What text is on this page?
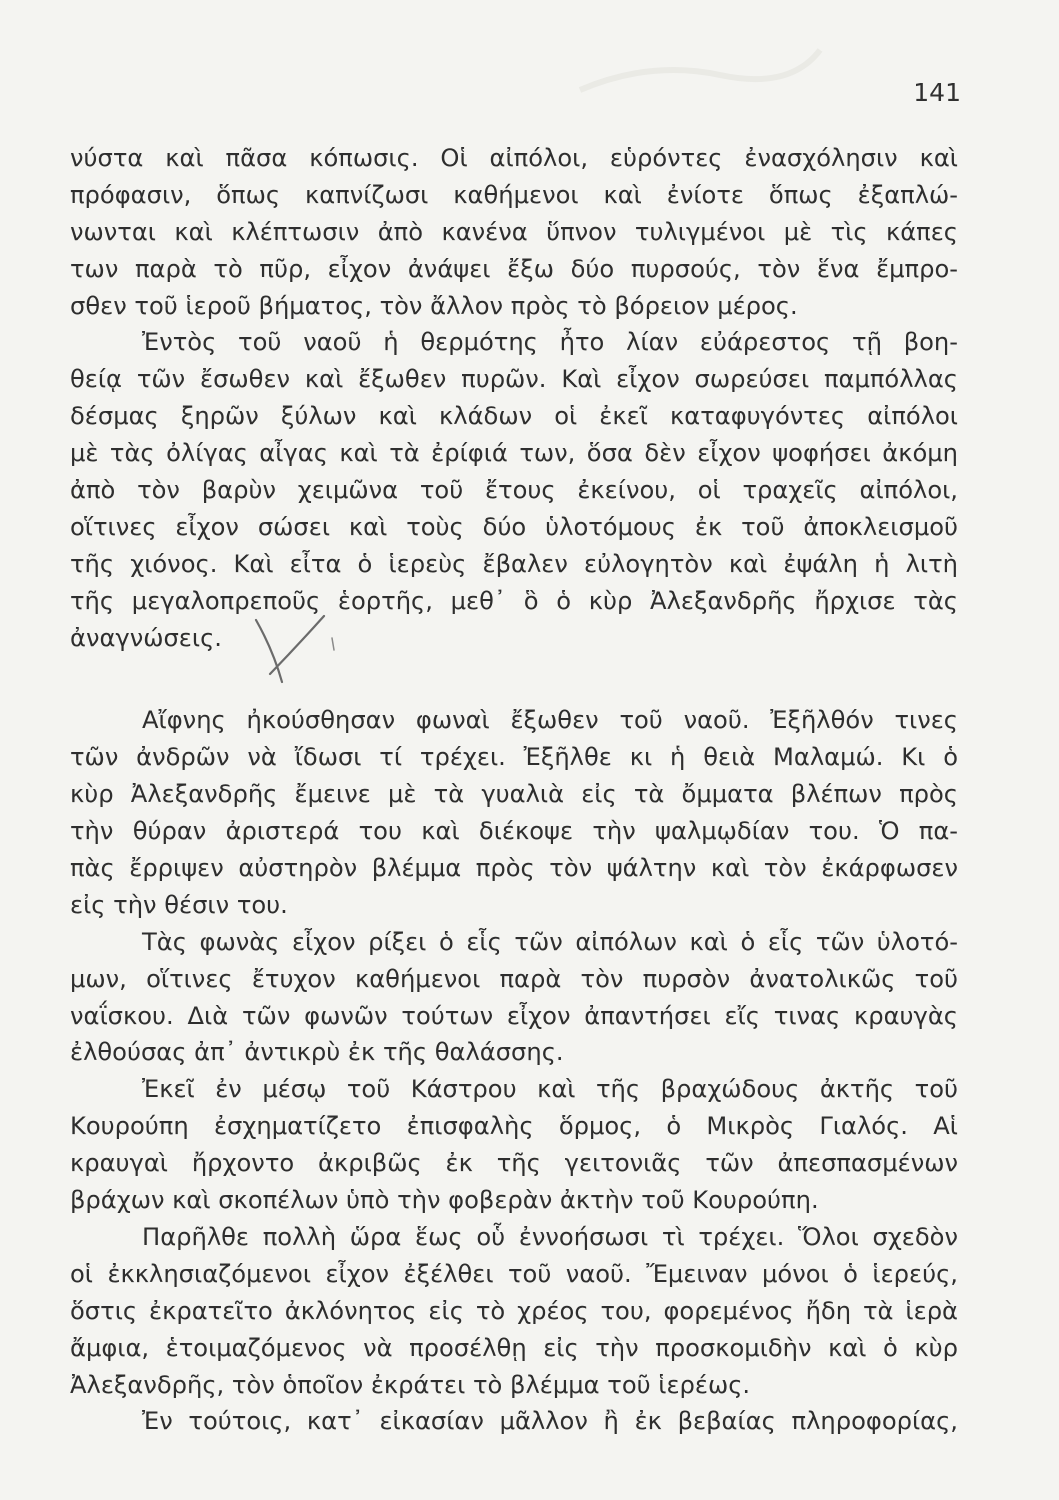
141
νύστα καὶ πᾶσα κόπωσις. Οἱ αἰπόλοι, εὑρόντες ἐνασχόλησιν καὶ
πρόφασιν, ὅπως καπνίζωσι καθήμενοι καὶ ἐνίοτε ὅπως ἐξαπλώ-
νωνται καὶ κλέπτωσιν ἀπὸ κανένα ὕπνον τυλιγμένοι μὲ τὶς κάπες
των παρὰ τὸ πῦρ, εἶχον ἀνάψει ἔξω δύο πυρσούς, τὸν ἕνα ἔμπρο-
σθεν τοῦ ἱεροῦ βήματος, τὸν ἄλλον πρὸς τὸ βόρειον μέρος.
Ἐντὸς τοῦ ναοῦ ἡ θερμότης ἦτο λίαν εὐάρεστος τῇ βοη-
θείᾳ τῶν ἔσωθεν καὶ ἔξωθεν πυρῶν. Καὶ εἶχον σωρεύσει παμπόλλας
δέσμας ξηρῶν ξύλων καὶ κλάδων οἱ ἐκεῖ καταφυγόντες αἰπόλοι
μὲ τὰς ὀλίγας αἶγας καὶ τὰ ἐρίφιά των, ὅσα δὲν εἶχον ψοφήσει ἀκόμη
ἀπὸ τὸν βαρὺν χειμῶνα τοῦ ἔτους ἐκείνου, οἱ τραχεῖς αἰπόλοι,
οἵτινες εἶχον σώσει καὶ τοὺς δύο ὑλοτόμους ἐκ τοῦ ἀποκλεισμοῦ
τῆς χιόνος. Καὶ εἶτα ὁ ἱερεὺς ἔβαλεν εὐλογητὸν καὶ ἐψάλη ἡ λιτὴ
τῆς μεγαλοπρεποῦς ἑορτῆς, μεθ᾽ ὃ ὁ κὺρ Ἀλεξανδρῆς ἤρχισε τὰς
ἀναγνώσεις.
Αἴφνης ἠκούσθησαν φωναὶ ἔξωθεν τοῦ ναοῦ. Ἐξῆλθόν τινες
τῶν ἀνδρῶν νὰ ἴδωσι τί τρέχει. Ἐξῆλθε κι ἡ θειὰ Μαλαμώ. Κι ὁ
κὺρ Ἀλεξανδρῆς ἔμεινε μὲ τὰ γυαλιὰ εἰς τὰ ὄμματα βλέπων πρὸς
τὴν θύραν ἀριστερά του καὶ διέκοψε τὴν ψαλμῳδίαν του. Ὁ πα-
πὰς ἔρριψεν αὐστηρὸν βλέμμα πρὸς τὸν ψάλτην καὶ τὸν ἐκάρφωσεν
εἰς τὴν θέσιν του.
Τὰς φωνὰς εἶχον ρίξει ὁ εἷς τῶν αἰπόλων καὶ ὁ εἷς τῶν ὑλοτό-
μων, οἵτινες ἔτυχον καθήμενοι παρὰ τὸν πυρσὸν ἀνατολικῶς τοῦ
ναΐσκου. Διὰ τῶν φωνῶν τούτων εἶχον ἀπαντήσει εἴς τινας κραυγὰς
ἐλθούσας ἀπ᾽ ἀντικρὺ ἐκ τῆς θαλάσσης.
Ἐκεῖ ἐν μέσῳ τοῦ Κάστρου καὶ τῆς βραχώδους ἀκτῆς τοῦ
Κουρούπη ἐσχηματίζετο ἐπισφαλὴς ὅρμος, ὁ Μικρὸς Γιαλός. Αἱ
κραυγαὶ ἤρχοντο ἀκριβῶς ἐκ τῆς γειτονιᾶς τῶν ἀπεσπασμένων
βράχων καὶ σκοπέλων ὑπὸ τὴν φοβερὰν ἀκτὴν τοῦ Κουρούπη.
Παρῆλθε πολλὴ ὥρα ἕως οὗ ἐννοήσωσι τὶ τρέχει. Ὅλοι σχεδὸν
οἱ ἐκκλησιαζόμενοι εἶχον ἐξέλθει τοῦ ναοῦ. Ἔμειναν μόνοι ὁ ἱερεύς,
ὅστις ἐκρατεῖτο ἀκλόνητος εἰς τὸ χρέος του, φορεμένος ἤδη τὰ ἱερὰ
ἄμφια, ἑτοιμαζόμενος νὰ προσέλθῃ εἰς τὴν προσκομιδὴν καὶ ὁ κὺρ
Ἀλεξανδρῆς, τὸν ὁποῖον ἐκράτει τὸ βλέμμα τοῦ ἱερέως.
Ἐν τούτοις, κατ᾽ εἰκασίαν μᾶλλον ἢ ἐκ βεβαίας πληροφορίας,
